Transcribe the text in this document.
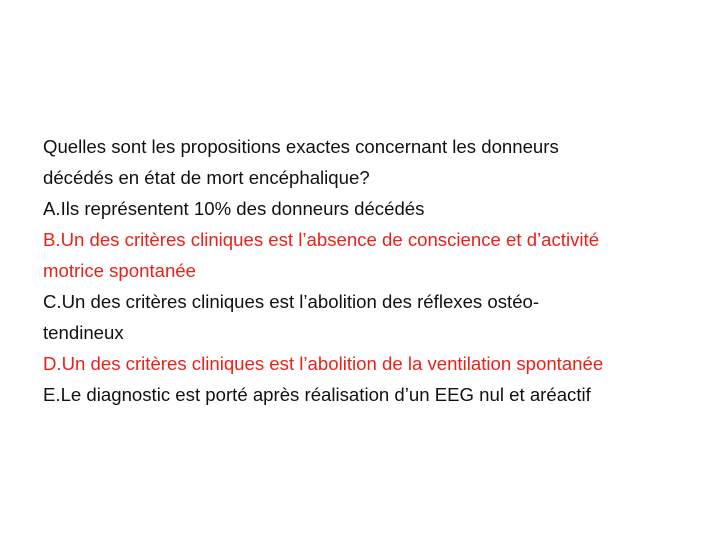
Quelles sont les propositions exactes concernant les donneurs
décédés en état de mort encéphalique?
A.Ils représentent 10% des donneurs décédés
B.Un des critères cliniques est l’absence de conscience et d’activité
motrice spontanée
C.Un des critères cliniques est l’abolition des réflexes ostéo-
tendineux
D.Un des critères cliniques est l’abolition de la ventilation spontanée
E.Le diagnostic est porté après réalisation d’un EEG nul et aréactif
